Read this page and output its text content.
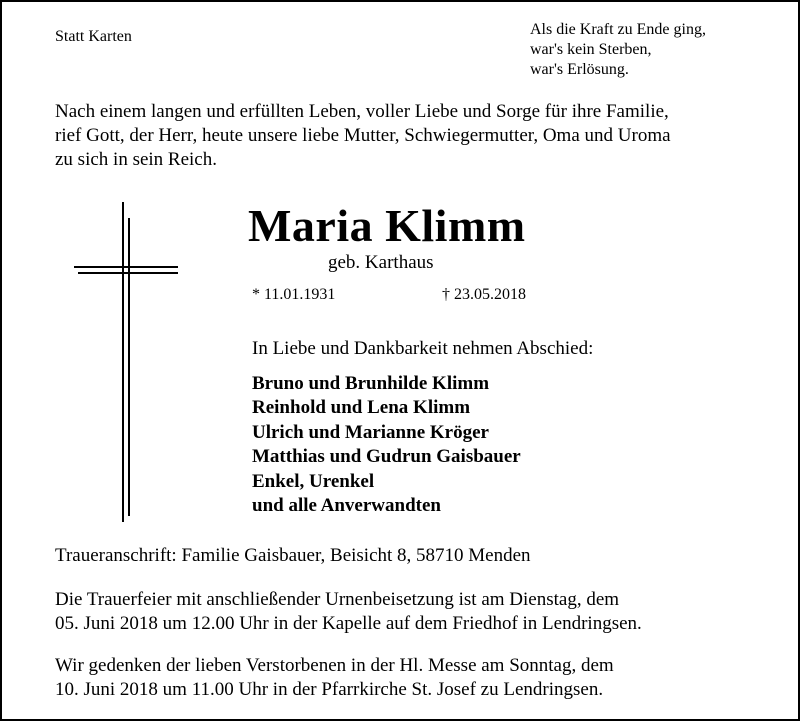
Statt Karten	Als die Kraft zu Ende ging,
war's kein Sterben,
war's Erlösung.
Nach einem langen und erfüllten Leben, voller Liebe und Sorge für ihre Familie,
rief Gott, der Herr, heute unsere liebe Mutter, Schwiegermutter, Oma und Uroma
zu sich in sein Reich.
Maria Klimm
geb. Karthaus
* 11.01.1931	† 23.05.2018
In Liebe und Dankbarkeit nehmen Abschied:
Bruno und Brunhilde Klimm
Reinhold und Lena Klimm
Ulrich und Marianne Kröger
Matthias und Gudrun Gaisbauer
Enkel, Urenkel
und alle Anverwandten
Traueranschrift: Familie Gaisbauer, Beisicht 8, 58710 Menden
Die Trauerfeier mit anschließender Urnenbeisetzung ist am Dienstag, dem
05. Juni 2018 um 12.00 Uhr in der Kapelle auf dem Friedhof in Lendringsen.
Wir gedenken der lieben Verstorbenen in der Hl. Messe am Sonntag, dem
10. Juni 2018 um 11.00 Uhr in der Pfarrkirche St. Josef zu Lendringsen.
